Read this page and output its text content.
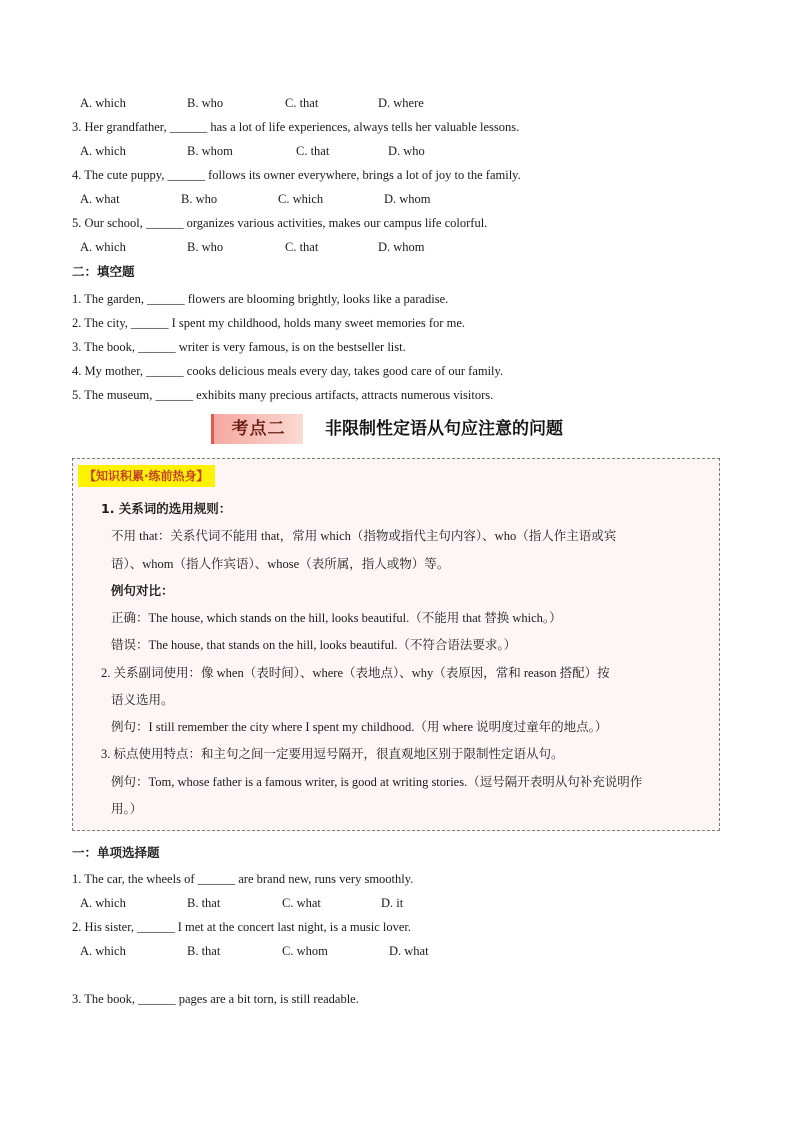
A. which	B. who	C. that	D. where
3. Her grandfather, ______ has a lot of life experiences, always tells her valuable lessons.
A. which	B. whom	C. that	D. who
4. The cute puppy, ______ follows its owner everywhere, brings a lot of joy to the family.
A. what	B. who	C. which	D. whom
5. Our school, ______ organizes various activities, makes our campus life colorful.
A. which	B. who	C. that	D. whom
二：填空题
1. The garden, ______ flowers are blooming brightly, looks like a paradise.
2. The city, ______ I spent my childhood, holds many sweet memories for me.
3. The book, ______ writer is very famous, is on the bestseller list.
4. My mother, ______ cooks delicious meals every day, takes good care of our family.
5. The museum, ______ exhibits many precious artifacts, attracts numerous visitors.
考点二	非限制性定语从句应注意的问题
【知识积累·练前热身】
1. 关系词的选用规则：
不用 that：关系代词不能用 that，常用 which（指物或指代主句内容）、who（指人作主语或宾
语）、whom（指人作宾语）、whose（表所属，指人或物）等。
例句对比：
正确：The house, which stands on the hill, looks beautiful.（不能用 that 替换 which。）
错误：The house, that stands on the hill, looks beautiful.（不符合语法要求。）
2. 关系副词使用：像 when（表时间）、where（表地点）、why（表原因，常和 reason 搭配）按
语义选用。
例句：I still remember the city where I spent my childhood.（用 where 说明度过童年的地点。）
3. 标点使用特点：和主句之间一定要用逗号隔开，很直观地区别于限制性定语从句。
例句：Tom, whose father is a famous writer, is good at writing stories.（逗号隔开表明从句补充说明作
用。）
一：单项选择题
1. The car, the wheels of ______ are brand new, runs very smoothly.
A. which	B. that	C. what	D. it
2. His sister, ______ I met at the concert last night, is a music lover.
A. which	B. that	C. whom	D. what
3. The book, ______ pages are a bit torn, is still readable.
